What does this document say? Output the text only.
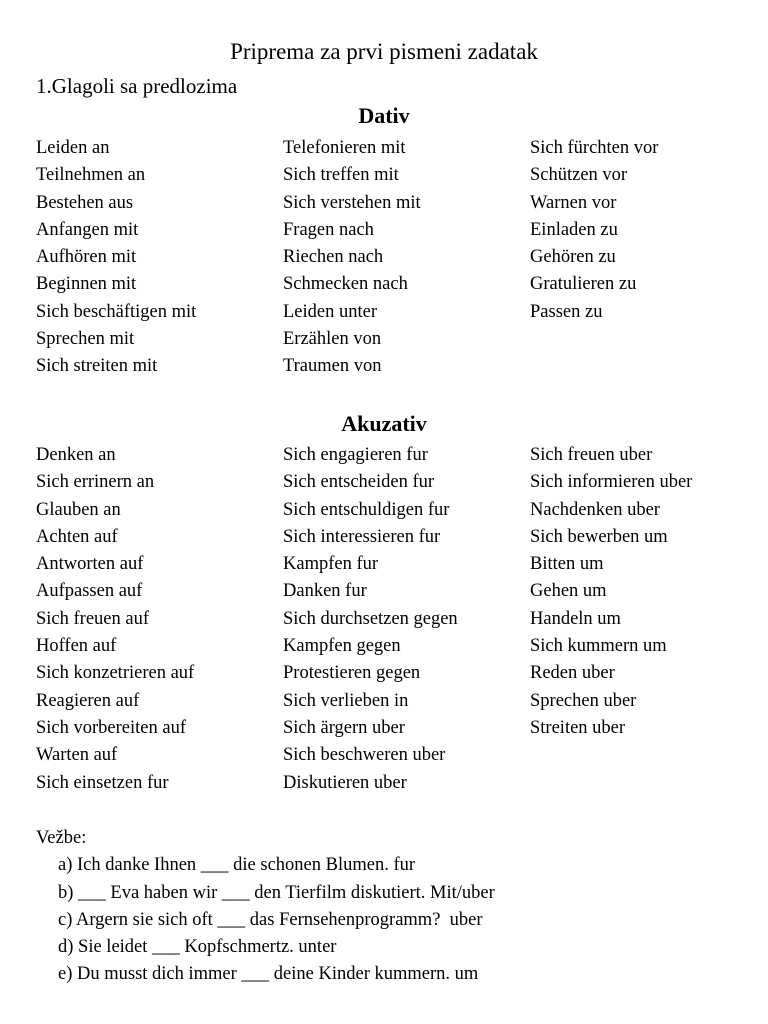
Priprema za prvi pismeni zadatak
1.Glagoli sa predlozima
Dativ
Leiden an
Teilnehmen an
Bestehen aus
Anfangen mit
Aufhören mit
Beginnen mit
Sich beschäftigen mit
Sprechen mit
Sich streiten mit
Telefonieren mit
Sich treffen mit
Sich verstehen mit
Fragen nach
Riechen nach
Schmecken nach
Leiden unter
Erzählen von
Traumen von
Sich fürchten vor
Schützen vor
Warnen vor
Einladen zu
Gehören zu
Gratulieren zu
Passen zu
Akuzativ
Denken an
Sich errinern an
Glauben an
Achten auf
Antworten auf
Aufpassen auf
Sich freuen auf
Hoffen auf
Sich konzetrieren auf
Reagieren auf
Sich vorbereiten auf
Warten auf
Sich einsetzen fur
Sich engagieren fur
Sich entscheiden fur
Sich entschuldigen fur
Sich interessieren fur
Kampfen fur
Danken fur
Sich durchsetzen gegen
Kampfen gegen
Protestieren gegen
Sich verlieben in
Sich ärgern uber
Sich beschweren uber
Diskutieren uber
Sich freuen uber
Sich informieren uber
Nachdenken uber
Sich bewerben um
Bitten um
Gehen um
Handeln um
Sich kummern um
Reden uber
Sprechen uber
Streiten uber
Vežbe:
a) Ich danke Ihnen ___ die schonen Blumen. fur
b) ___ Eva haben wir ___ den Tierfilm diskutiert. Mit/uber
c) Argern sie sich oft ___ das Fernsehenprogramm?  uber
d) Sie leidet ___ Kopfschmertz. unter
e) Du musst dich immer ___ deine Kinder kummern. um
